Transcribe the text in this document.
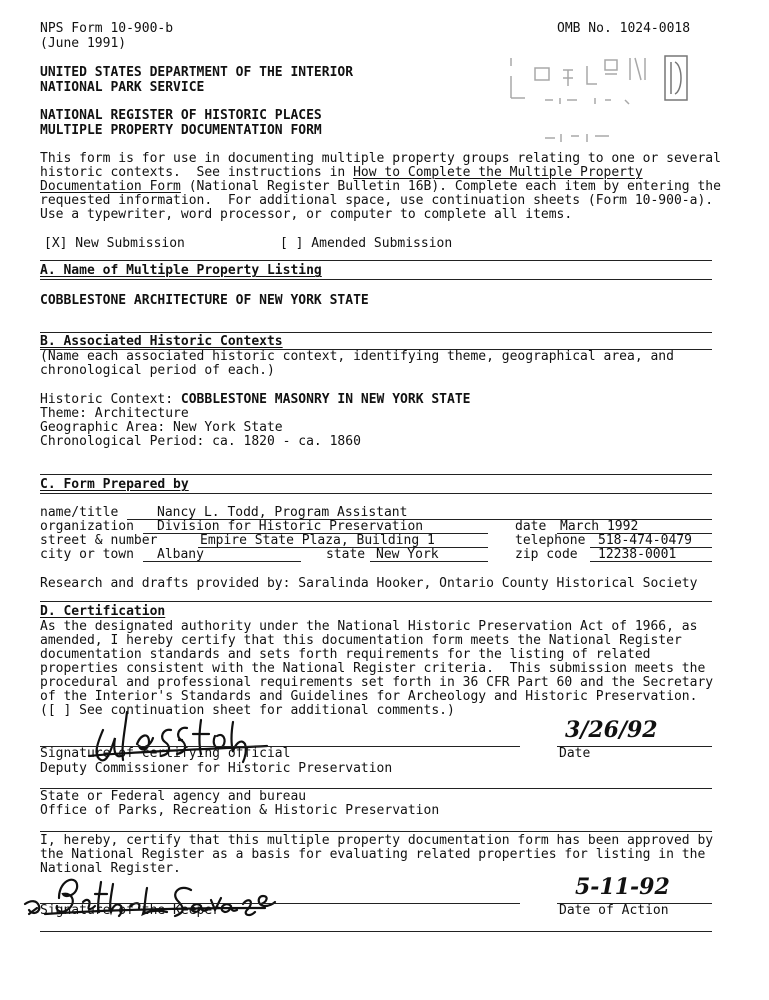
NPS Form 10-900-b
(June 1991)
OMB No. 1024-0018
UNITED STATES DEPARTMENT OF THE INTERIOR
NATIONAL PARK SERVICE
NATIONAL REGISTER OF HISTORIC PLACES
MULTIPLE PROPERTY DOCUMENTATION FORM
This form is for use in documenting multiple property groups relating to one or several
historic contexts.  See instructions in How to Complete the Multiple Property
Documentation Form (National Register Bulletin 16B). Complete each item by entering the
requested information.  For additional space, use continuation sheets (Form 10-900-a).
Use a typewriter, word processor, or computer to complete all items.
[X] New Submission	[ ] Amended Submission
A. Name of Multiple Property Listing
COBBLESTONE ARCHITECTURE OF NEW YORK STATE
B. Associated Historic Contexts
(Name each associated historic context, identifying theme, geographical area, and
chronological period of each.)
Historic Context: COBBLESTONE MASONRY IN NEW YORK STATE
Theme: Architecture
Geographic Area: New York State
Chronological Period: ca. 1820 - ca. 1860
C. Form Prepared by
name/title	Nancy L. Todd, Program Assistant
organization Division for Historic Preservation	date March 1992
street & number	Empire State Plaza, Building 1	telephone 518-474-0479
city or town Albany	state New York	zip code 12238-0001
Research and drafts provided by: Saralinda Hooker, Ontario County Historical Society
D. Certification
As the designated authority under the National Historic Preservation Act of 1966, as
amended, I hereby certify that this documentation form meets the National Register
documentation standards and sets forth requirements for the listing of related
properties consistent with the National Register criteria.  This submission meets the
procedural and professional requirements set forth in 36 CFR Part 60 and the Secretary
of the Interior's Standards and Guidelines for Archeology and Historic Preservation.
([ ] See continuation sheet for additional comments.)
Signature of certifying official
Deputy Commissioner for Historic Preservation
3/26/92
Date
State or Federal agency and bureau
Office of Parks, Recreation & Historic Preservation
I, hereby, certify that this multiple property documentation form has been approved by
the National Register as a basis for evaluating related properties for listing in the
National Register.
Signature of the Keeper
5-11-92
Date of Action
